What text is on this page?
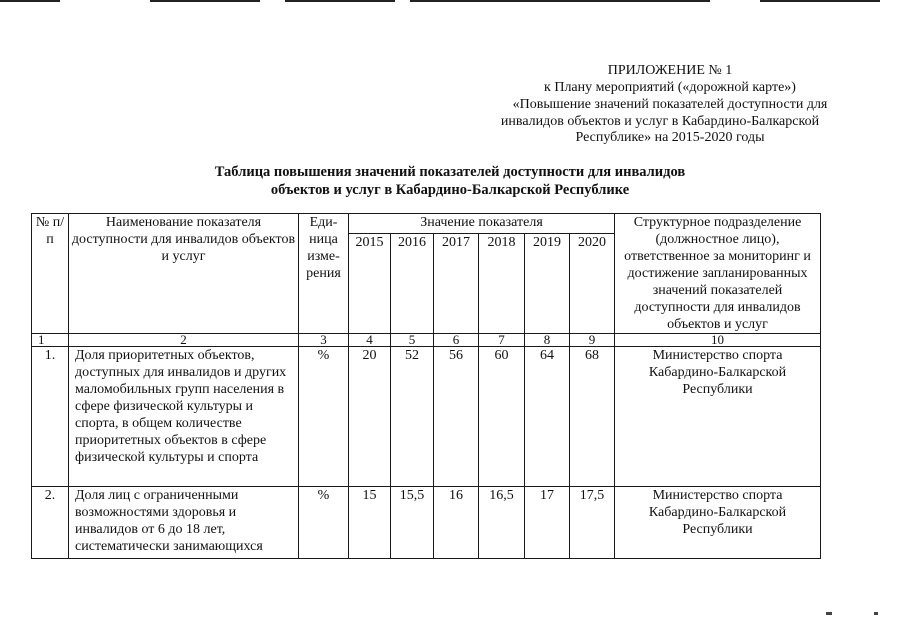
ПРИЛОЖЕНИЕ № 1
к Плану мероприятий («дорожной карте»)
«Повышение значений показателей доступности для
инвалидов объектов и услуг в Кабардино-Балкарской
Республике» на 2015-2020 годы
Таблица повышения значений показателей доступности для инвалидов
объектов и услуг в Кабардино-Балкарской Республике
№ п/п	Наименование показателя доступности для инвалидов объектов и услуг	Еди-ница изме-рения	Значение показателя						Структурное подразделение (должностное лицо), ответственное за мониторинг и достижение запланированных значений показателей доступности для инвалидов объектов и услуг
			2015	2016	2017	2018	2019	2020	
1	2	3	4	5	6	7	8	9	10
1.	Доля приоритетных объектов, доступных для инвалидов и других маломобильных групп населения в сфере физической культуры и спорта, в общем количестве приоритетных объектов в сфере физической культуры и спорта	%	20	52	56	60	64	68	Министерство спорта Кабардино-Балкарской Республики
2.	Доля лиц с ограниченными возможностями здоровья и инвалидов от 6 до 18 лет, систематически занимающихся	%	15	15,5	16	16,5	17	17,5	Министерство спорта Кабардино-Балкарской Республики
